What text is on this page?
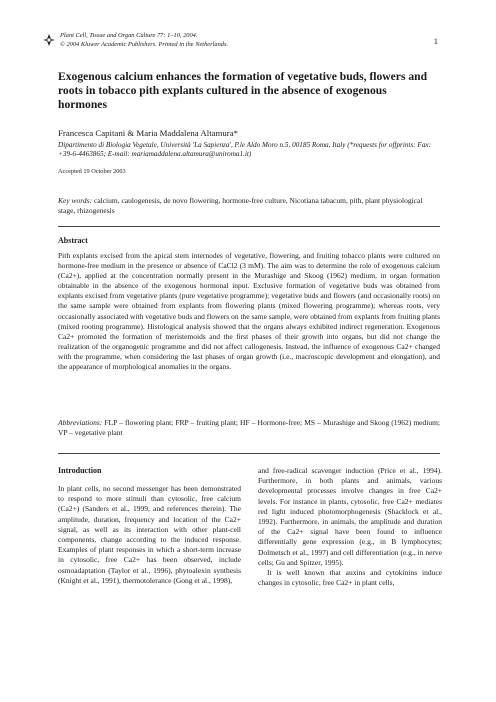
Plant Cell, Tissue and Organ Culture 77: 1–10, 2004.
© 2004 Kluwer Academic Publishers. Printed in the Netherlands.	1
Exogenous calcium enhances the formation of vegetative buds, flowers and roots in tobacco pith explants cultured in the absence of exogenous hormones
Francesca Capitani & Maria Maddalena Altamura*
Dipartimento di Biologia Vegetale, Università 'La Sapienza', P.le Aldo Moro n.5, 00185 Roma, Italy (*requests for offprints: Fax: +39-6-4463865; E-mail: mariamaddalena.altamura@uniroma1.it)
Accepted 19 October 2003
Key words: calcium, caulogenesis, de novo flowering, hormone-free culture, Nicotiana tabacum, pith, plant physiological stage, rhizogenesis
Abstract
Pith explants excised from the apical stem internodes of vegetative, flowering, and fruiting tobacco plants were cultured on hormone-free medium in the presence or absence of CaCl2 (3 mM). The aim was to determine the role of exogenous calcium (Ca2+), applied at the concentration normally present in the Murashige and Skoog (1962) medium, in organ formation obtainable in the absence of the exogenous hormonal input. Exclusive formation of vegetative buds was obtained from explants excised from vegetative plants (pure vegetative programme); vegetative buds and flowers (and occasionally roots) on the same sample were obtained from explants from flowering plants (mixed flowering programme); whereas roots, very occasionally associated with vegetative buds and flowers on the same sample, were obtained from explants from fruiting plants (mixed rooting programme). Histological analysis showed that the organs always exhibited indirect regeneration. Exogenous Ca2+ promoted the formation of meristemoids and the first phases of their growth into organs, but did not change the realization of the organogenic programme and did not affect callogenesis. Instead, the influence of exogenous Ca2+ changed with the programme, when considering the last phases of organ growth (i.e., macroscopic development and elongation), and the appearance of morphological anomalies in the organs.
Abbreviations: FLP – flowering plant; FRP – fruiting plant; HF – Hormone-free; MS – Murashige and Skoog (1962) medium; VP – vegetative plant
Introduction

In plant cells, no second messenger has been demonstrated to respond to more stimuli than cytosolic, free calcium (Ca2+) (Sanders et al., 1999, and references therein). The amplitude, duration, frequency and location of the Ca2+ signal, as well as its interaction with other plant-cell components, change according to the induced response. Examples of plant responses in which a short-term increase in cytosolic, free Ca2+ has been observed, include osmoadaptation (Taylor et al., 1996), phytoalexin synthesis (Knight et al., 1991), thermotolerance (Gong et al., 1998),

and free-radical scavenger induction (Price et al., 1994). Furthermore, in both plants and animals, various developmental processes involve changes in free Ca2+ levels. For instance in plants, cytosolic, free Ca2+ mediates red light induced photomorphogenesis (Shacklock et al., 1992). Furthermore, in animals, the amplitude and duration of the Ca2+ signal have been found to influence differentially gene expression (e.g., in B lymphocytes; Dolmetsch et al., 1997) and cell differentiation (e.g., in nerve cells; Gu and Spitzer, 1995).

It is well known that auxins and cytokinins induce changes in cytosolic, free Ca2+ in plant cells,
